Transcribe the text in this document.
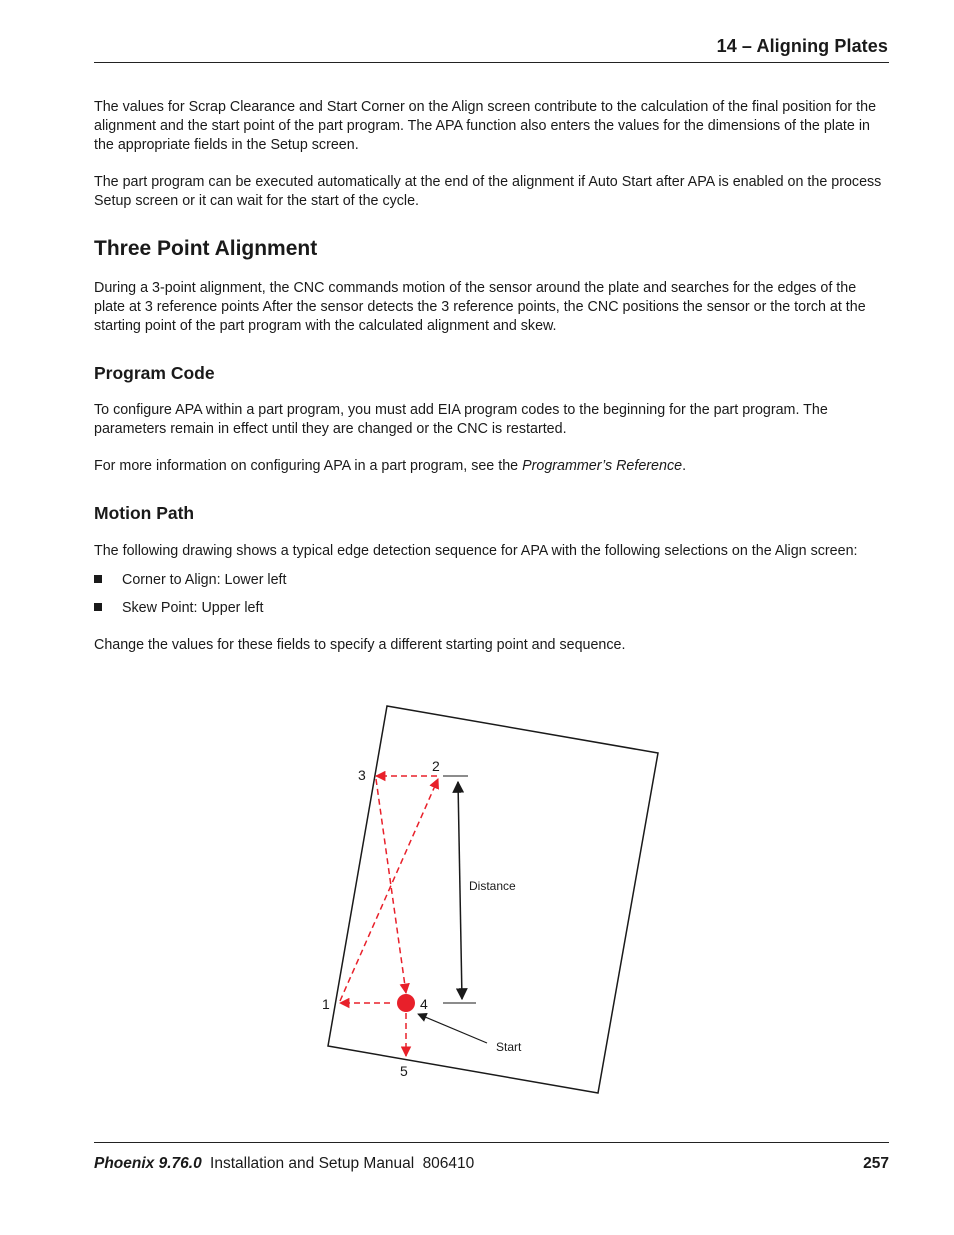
14 – Aligning Plates

The values for Scrap Clearance and Start Corner on the Align screen contribute to the calculation of the final position for the alignment and the start point of the part program. The APA function also enters the values for the dimensions of the plate in the appropriate fields in the Setup screen.

The part program can be executed automatically at the end of the alignment if Auto Start after APA is enabled on the process Setup screen or it can wait for the start of the cycle.

Three Point Alignment

During a 3-point alignment, the CNC commands motion of the sensor around the plate and searches for the edges of the plate at 3 reference points After the sensor detects the 3 reference points, the CNC positions the sensor or the torch at the starting point of the part program with the calculated alignment and skew.

Program Code

To configure APA within a part program, you must add EIA program codes to the beginning for the part program. The parameters remain in effect until they are changed or the CNC is restarted.

For more information on configuring APA in a part program, see the Programmer’s Reference.

Motion Path

The following drawing shows a typical edge detection sequence for APA with the following selections on the Align screen:

Corner to Align: Lower left
Skew Point: Upper left

Change the values for these fields to specify a different starting point and sequence.

Distance
Start
1
2
3
4
5
Phoenix 9.76.0 Installation and Setup Manual 806410	257
